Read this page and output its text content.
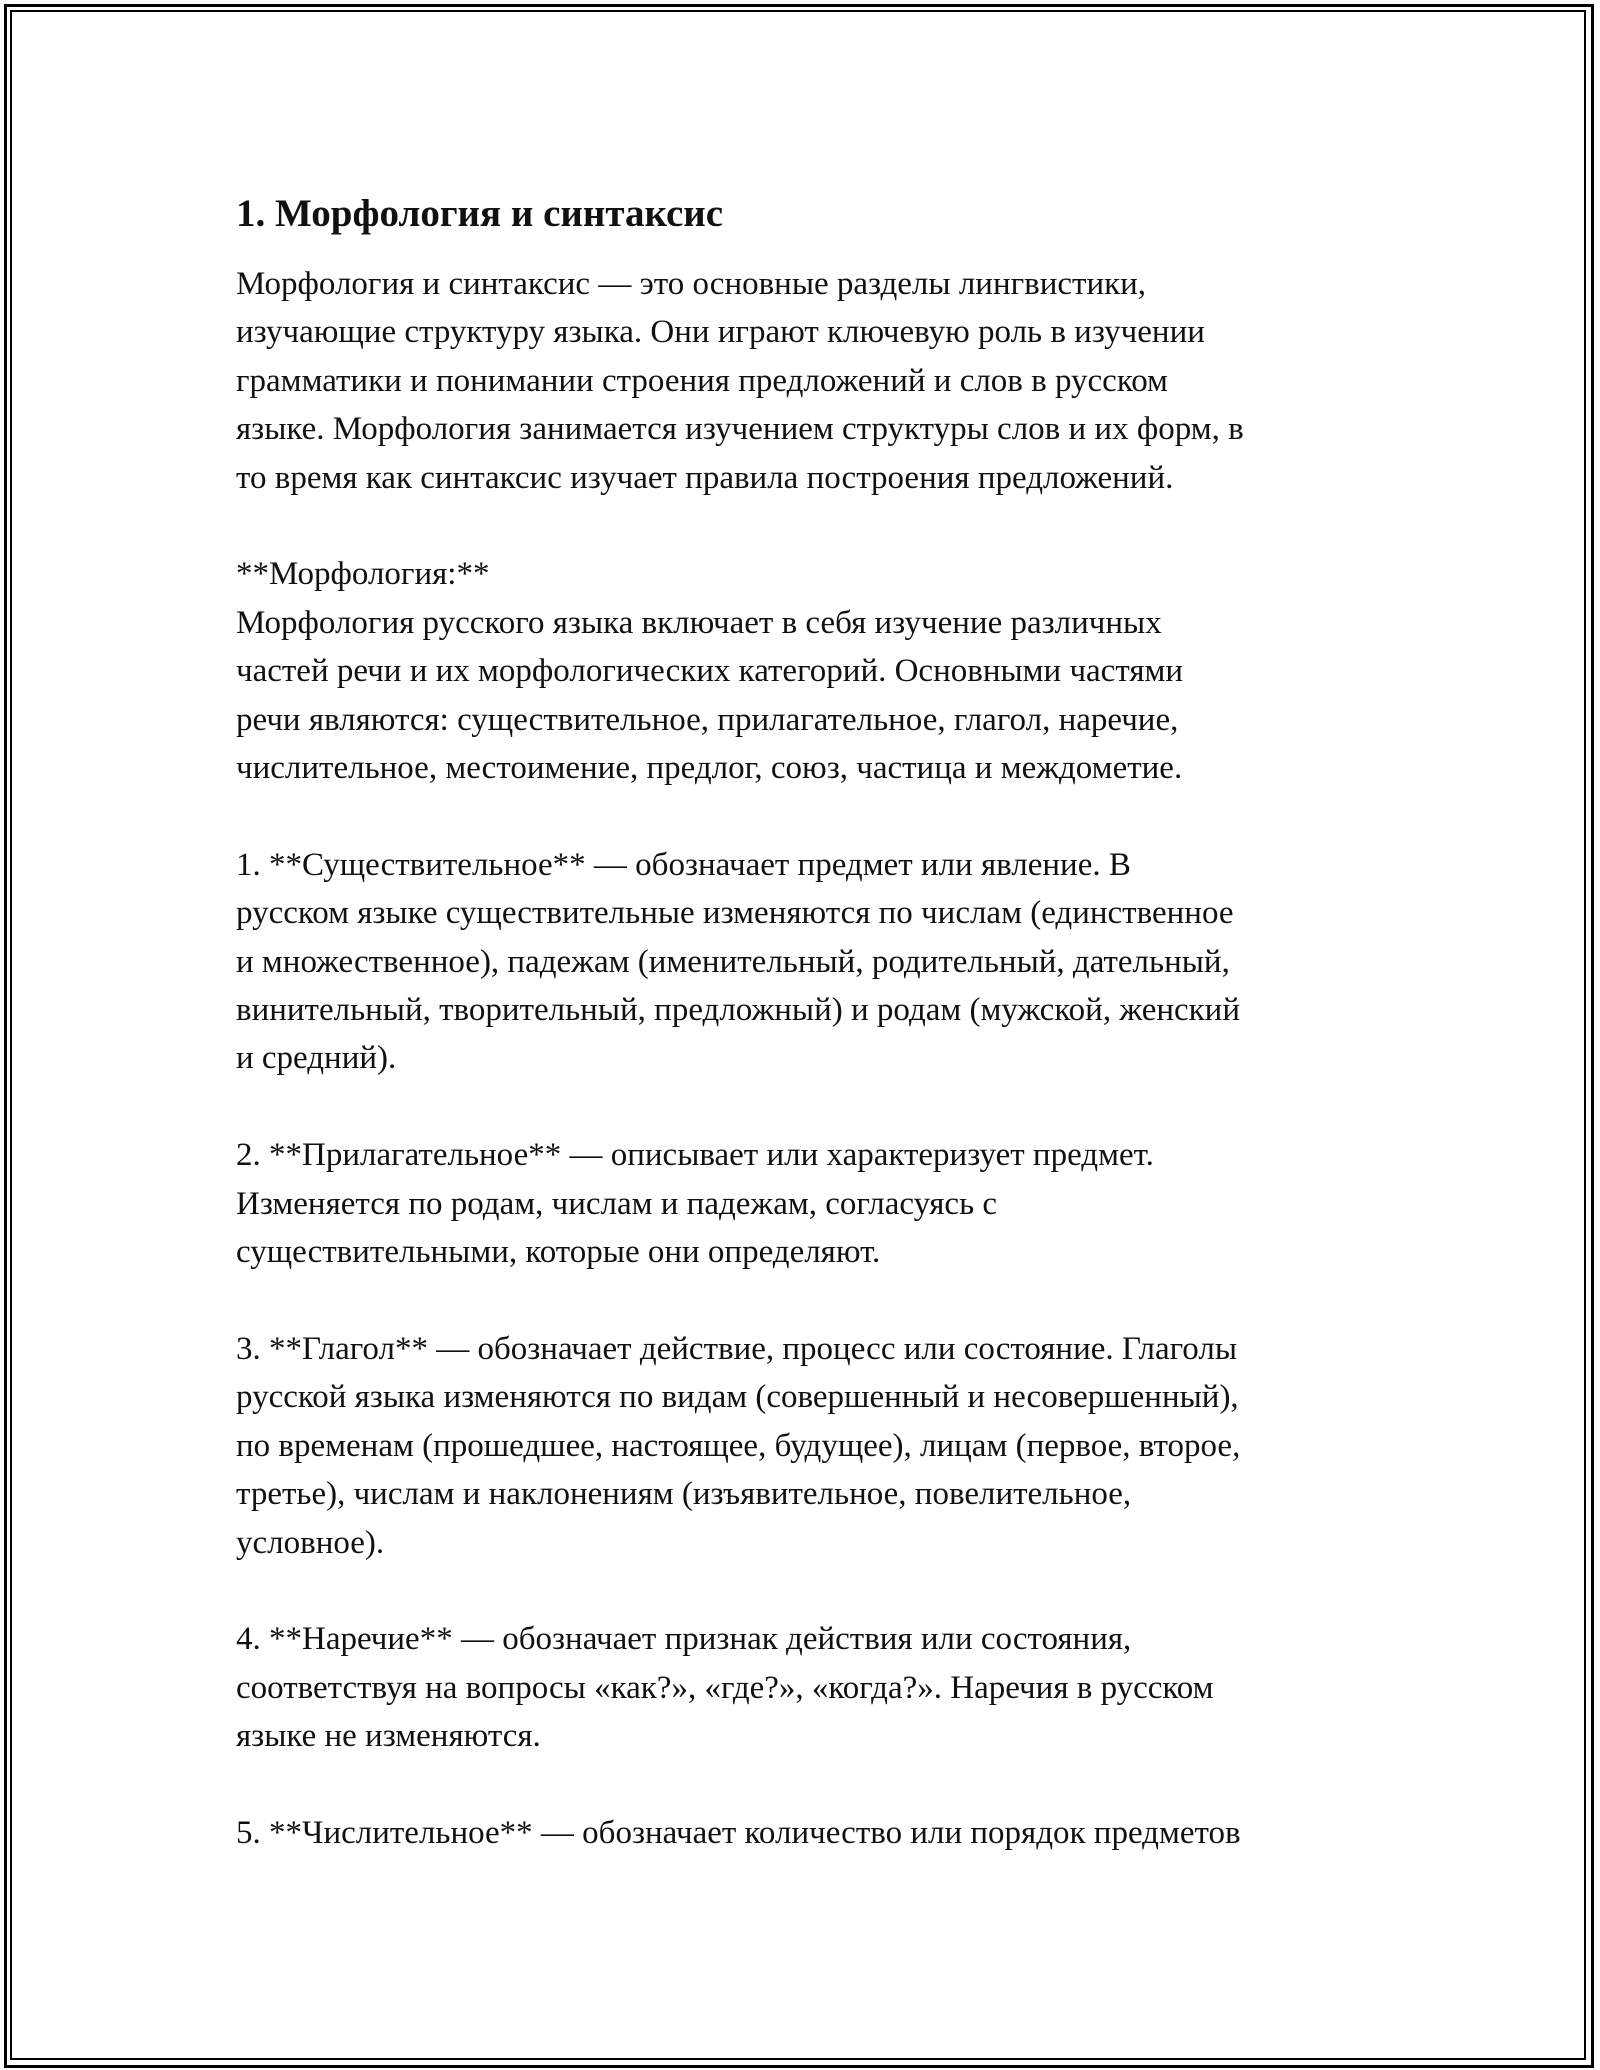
1. Морфология и синтаксис
Морфология и синтаксис — это основные разделы лингвистики,
изучающие структуру языка. Они играют ключевую роль в изучении
грамматики и понимании строения предложений и слов в русском
языке. Морфология занимается изучением структуры слов и их форм, в
то время как синтаксис изучает правила построения предложений.
**Морфология:**
Морфология русского языка включает в себя изучение различных
частей речи и их морфологических категорий. Основными частями
речи являются: существительное, прилагательное, глагол, наречие,
числительное, местоимение, предлог, союз, частица и междометие.
1. **Существительное** — обозначает предмет или явление. В
русском языке существительные изменяются по числам (единственное
и множественное), падежам (именительный, родительный, дательный,
винительный, творительный, предложный) и родам (мужской, женский
и средний).
2. **Прилагательное** — описывает или характеризует предмет.
Изменяется по родам, числам и падежам, согласуясь с
существительными, которые они определяют.
3. **Глагол** — обозначает действие, процесс или состояние. Глаголы
русской языка изменяются по видам (совершенный и несовершенный),
по временам (прошедшее, настоящее, будущее), лицам (первое, второе,
третье), числам и наклонениям (изъявительное, повелительное,
условное).
4. **Наречие** — обозначает признак действия или состояния,
соответствуя на вопросы «как?», «где?», «когда?». Наречия в русском
языке не изменяются.
5. **Числительное** — обозначает количество или порядок предметов
